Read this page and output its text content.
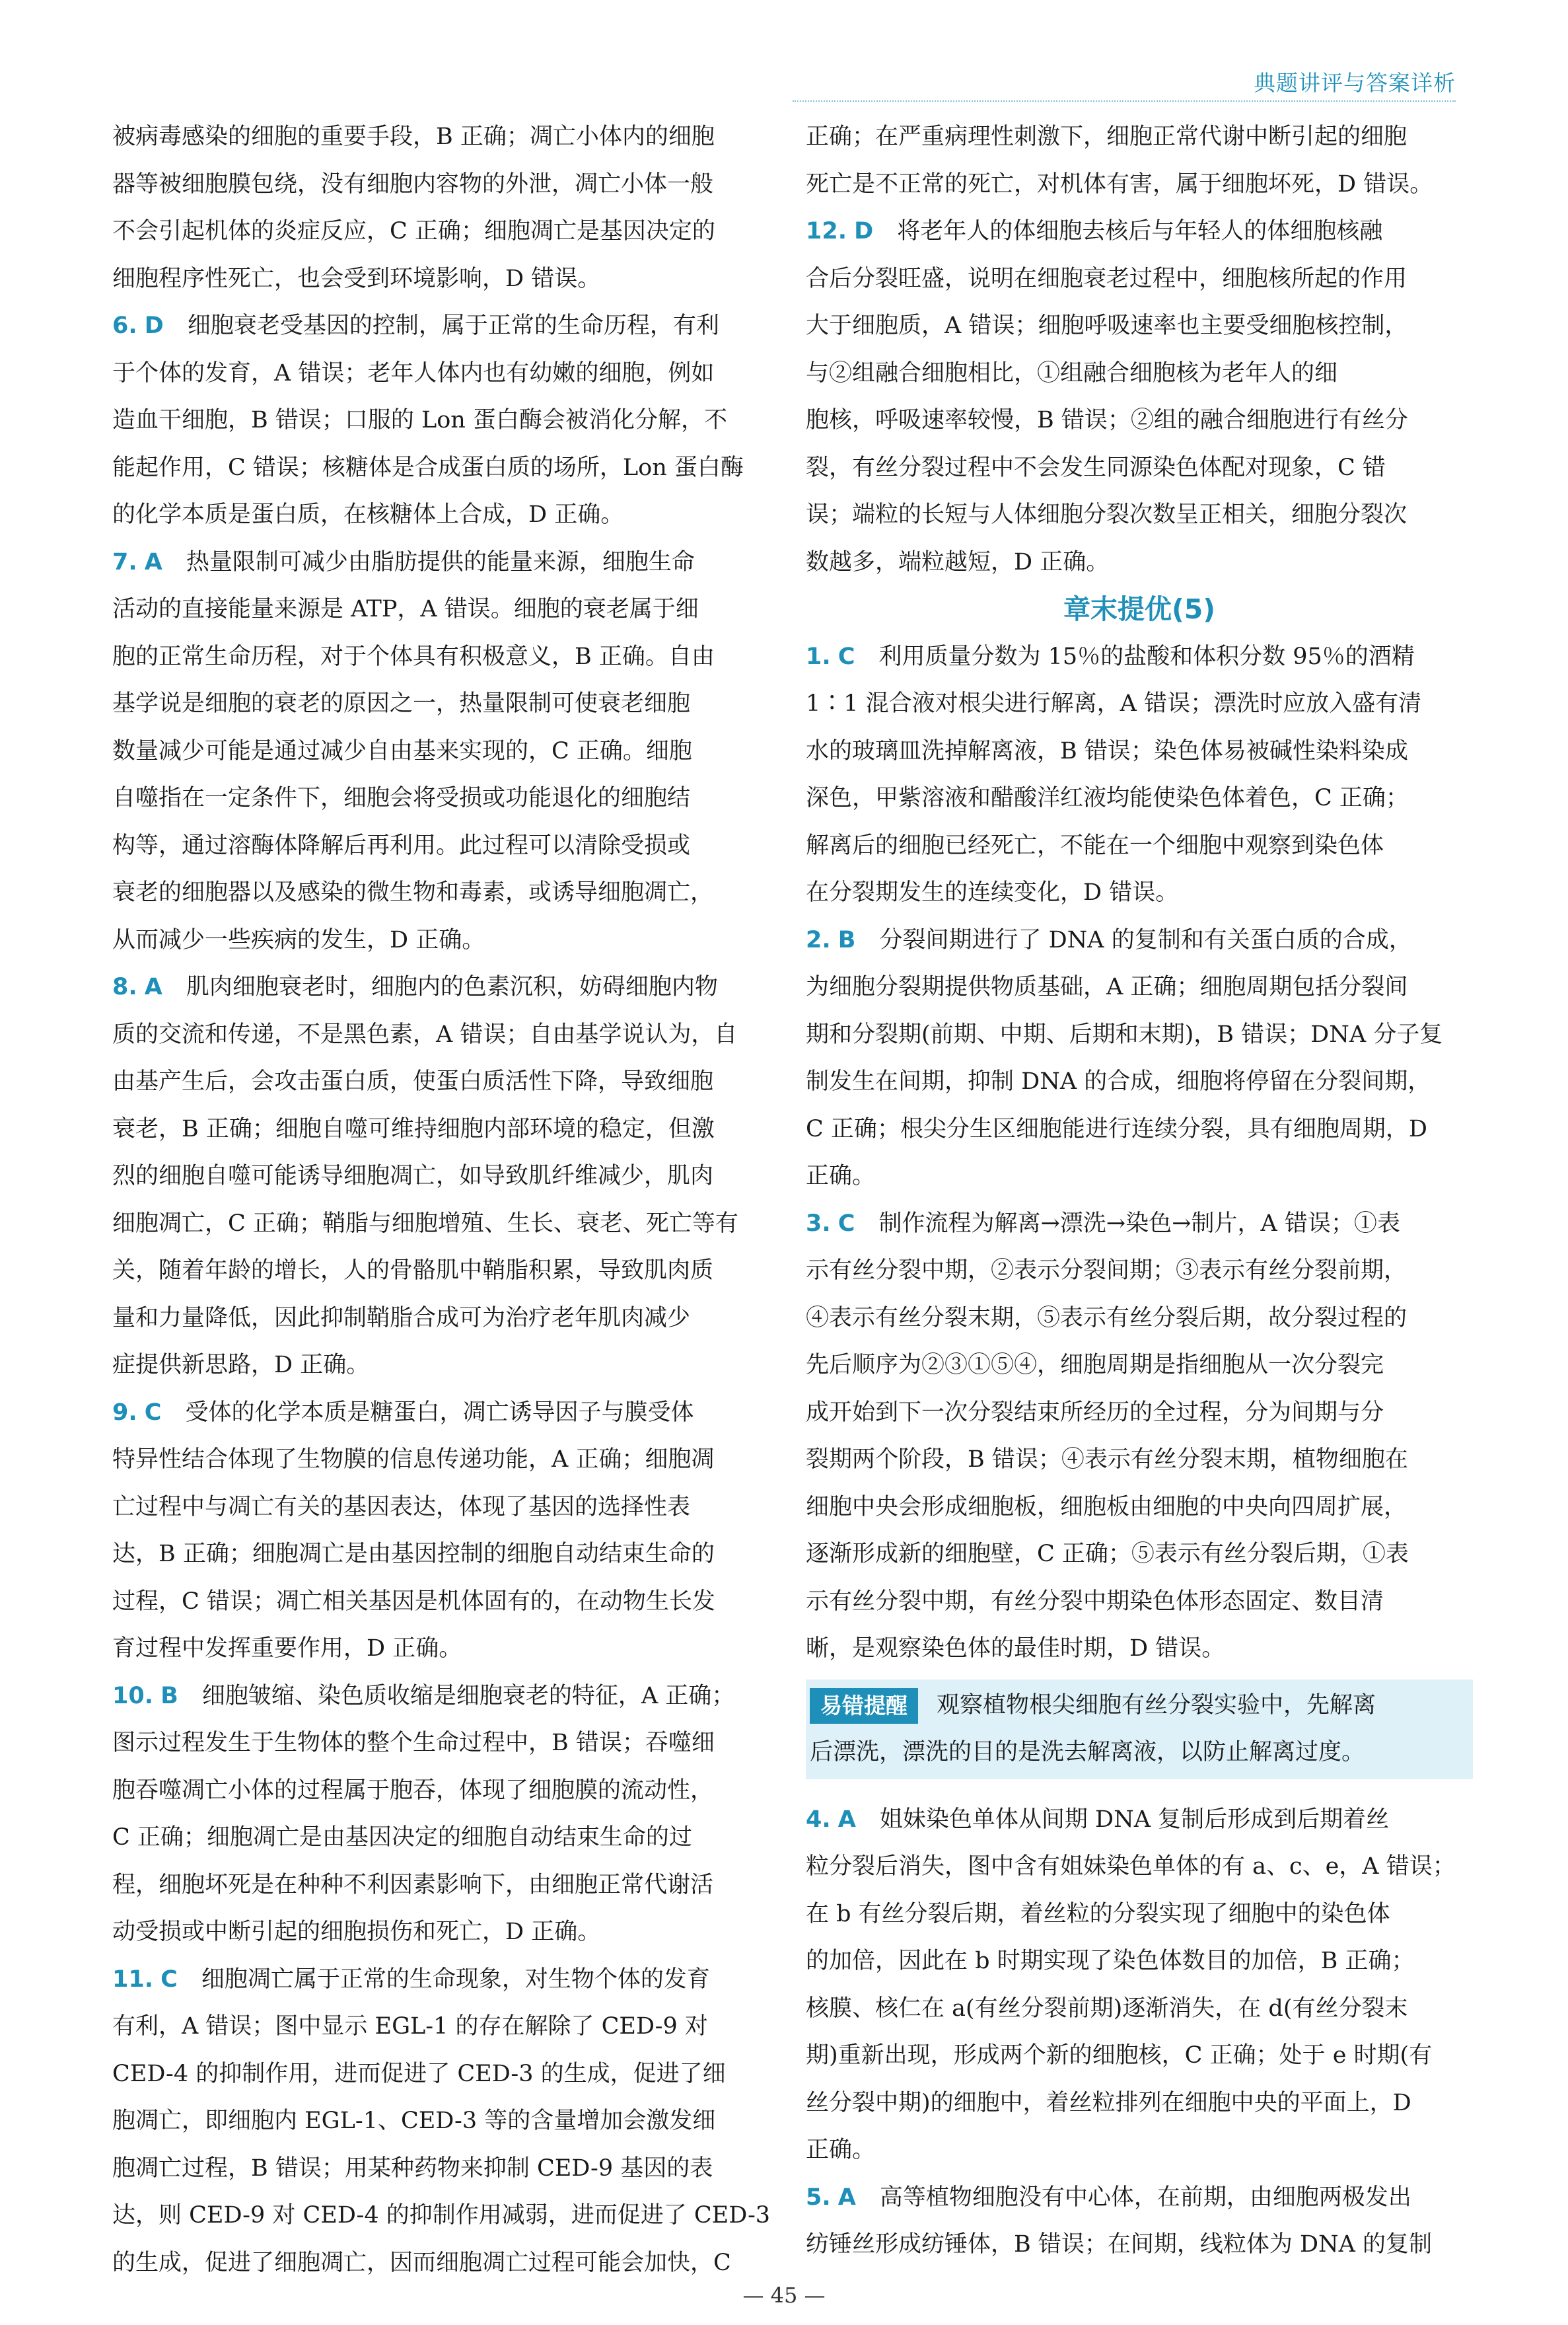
典题讲评与答案详析
被病毒感染的细胞的重要手段，B 正确；凋亡小体内的细胞
器等被细胞膜包绕，没有细胞内容物的外泄，凋亡小体一般
不会引起机体的炎症反应，C 正确；细胞凋亡是基因决定的
细胞程序性死亡，也会受到环境影响，D 错误。
6. D 细胞衰老受基因的控制，属于正常的生命历程，有利
于个体的发育，A 错误；老年人体内也有幼嫩的细胞，例如
造血干细胞，B 错误；口服的 Lon 蛋白酶会被消化分解，不
能起作用，C 错误；核糖体是合成蛋白质的场所，Lon 蛋白酶
的化学本质是蛋白质，在核糖体上合成，D 正确。
7. A 热量限制可减少由脂肪提供的能量来源，细胞生命
活动的直接能量来源是 ATP，A 错误。细胞的衰老属于细
胞的正常生命历程，对于个体具有积极意义，B 正确。自由
基学说是细胞的衰老的原因之一，热量限制可使衰老细胞
数量减少可能是通过减少自由基来实现的，C 正确。细胞
自噬指在一定条件下，细胞会将受损或功能退化的细胞结
构等，通过溶酶体降解后再利用。此过程可以清除受损或
衰老的细胞器以及感染的微生物和毒素，或诱导细胞凋亡，
从而减少一些疾病的发生，D 正确。
8. A 肌肉细胞衰老时，细胞内的色素沉积，妨碍细胞内物
质的交流和传递，不是黑色素，A 错误；自由基学说认为，自
由基产生后，会攻击蛋白质，使蛋白质活性下降，导致细胞
衰老，B 正确；细胞自噬可维持细胞内部环境的稳定，但激
烈的细胞自噬可能诱导细胞凋亡，如导致肌纤维减少，肌肉
细胞凋亡，C 正确；鞘脂与细胞增殖、生长、衰老、死亡等有
关，随着年龄的增长，人的骨骼肌中鞘脂积累，导致肌肉质
量和力量降低，因此抑制鞘脂合成可为治疗老年肌肉减少
症提供新思路，D 正确。
9. C 受体的化学本质是糖蛋白，凋亡诱导因子与膜受体
特异性结合体现了生物膜的信息传递功能，A 正确；细胞凋
亡过程中与凋亡有关的基因表达，体现了基因的选择性表
达，B 正确；细胞凋亡是由基因控制的细胞自动结束生命的
过程，C 错误；凋亡相关基因是机体固有的，在动物生长发
育过程中发挥重要作用，D 正确。
10. B 细胞皱缩、染色质收缩是细胞衰老的特征，A 正确；
图示过程发生于生物体的整个生命过程中，B 错误；吞噬细
胞吞噬凋亡小体的过程属于胞吞，体现了细胞膜的流动性，
C 正确；细胞凋亡是由基因决定的细胞自动结束生命的过
程，细胞坏死是在种种不利因素影响下，由细胞正常代谢活
动受损或中断引起的细胞损伤和死亡，D 正确。
11. C 细胞凋亡属于正常的生命现象，对生物个体的发育
有利，A 错误；图中显示 EGL-1 的存在解除了 CED-9 对
CED-4 的抑制作用，进而促进了 CED-3 的生成，促进了细
胞凋亡，即细胞内 EGL-1、CED-3 等的含量增加会激发细
胞凋亡过程，B 错误；用某种药物来抑制 CED-9 基因的表
达，则 CED-9 对 CED-4 的抑制作用减弱，进而促进了 CED-3
的生成，促进了细胞凋亡，因而细胞凋亡过程可能会加快，C
正确；在严重病理性刺激下，细胞正常代谢中断引起的细胞
死亡是不正常的死亡，对机体有害，属于细胞坏死，D 错误。
12. D 将老年人的体细胞去核后与年轻人的体细胞核融
合后分裂旺盛，说明在细胞衰老过程中，细胞核所起的作用
大于细胞质，A 错误；细胞呼吸速率也主要受细胞核控制，
与②组融合细胞相比，①组融合细胞核为老年人的细
胞核，呼吸速率较慢，B 错误；②组的融合细胞进行有丝分
裂，有丝分裂过程中不会发生同源染色体配对现象，C 错
误；端粒的长短与人体细胞分裂次数呈正相关，细胞分裂次
数越多，端粒越短，D 正确。
章末提优(5)
1. C 利用质量分数为 15％的盐酸和体积分数 95％的酒精
1∶1 混合液对根尖进行解离，A 错误；漂洗时应放入盛有清
水的玻璃皿洗掉解离液，B 错误；染色体易被碱性染料染成
深色，甲紫溶液和醋酸洋红液均能使染色体着色，C 正确；
解离后的细胞已经死亡，不能在一个细胞中观察到染色体
在分裂期发生的连续变化，D 错误。
2. B 分裂间期进行了 DNA 的复制和有关蛋白质的合成，
为细胞分裂期提供物质基础，A 正确；细胞周期包括分裂间
期和分裂期(前期、中期、后期和末期)，B 错误；DNA 分子复
制发生在间期，抑制 DNA 的合成，细胞将停留在分裂间期，
C 正确；根尖分生区细胞能进行连续分裂，具有细胞周期，D
正确。
3. C 制作流程为解离→漂洗→染色→制片，A 错误；①表
示有丝分裂中期，②表示分裂间期；③表示有丝分裂前期，
④表示有丝分裂末期，⑤表示有丝分裂后期，故分裂过程的
先后顺序为②③①⑤④，细胞周期是指细胞从一次分裂完
成开始到下一次分裂结束所经历的全过程，分为间期与分
裂期两个阶段，B 错误；④表示有丝分裂末期，植物细胞在
细胞中央会形成细胞板，细胞板由细胞的中央向四周扩展，
逐渐形成新的细胞壁，C 正确；⑤表示有丝分裂后期，①表
示有丝分裂中期，有丝分裂中期染色体形态固定、数目清
晰，是观察染色体的最佳时期，D 错误。
易错提醒 观察植物根尖细胞有丝分裂实验中，先解离
后漂洗，漂洗的目的是洗去解离液，以防止解离过度。
4. A 姐妹染色单体从间期 DNA 复制后形成到后期着丝
粒分裂后消失，图中含有姐妹染色单体的有 a、c、e，A 错误；
在 b 有丝分裂后期，着丝粒的分裂实现了细胞中的染色体
的加倍，因此在 b 时期实现了染色体数目的加倍，B 正确；
核膜、核仁在 a(有丝分裂前期)逐渐消失，在 d(有丝分裂末
期)重新出现，形成两个新的细胞核，C 正确；处于 e 时期(有
丝分裂中期)的细胞中，着丝粒排列在细胞中央的平面上，D
正确。
5. A 高等植物细胞没有中心体，在前期，由细胞两极发出
纺锤丝形成纺锤体，B 错误；在间期，线粒体为 DNA 的复制
— 45 —
